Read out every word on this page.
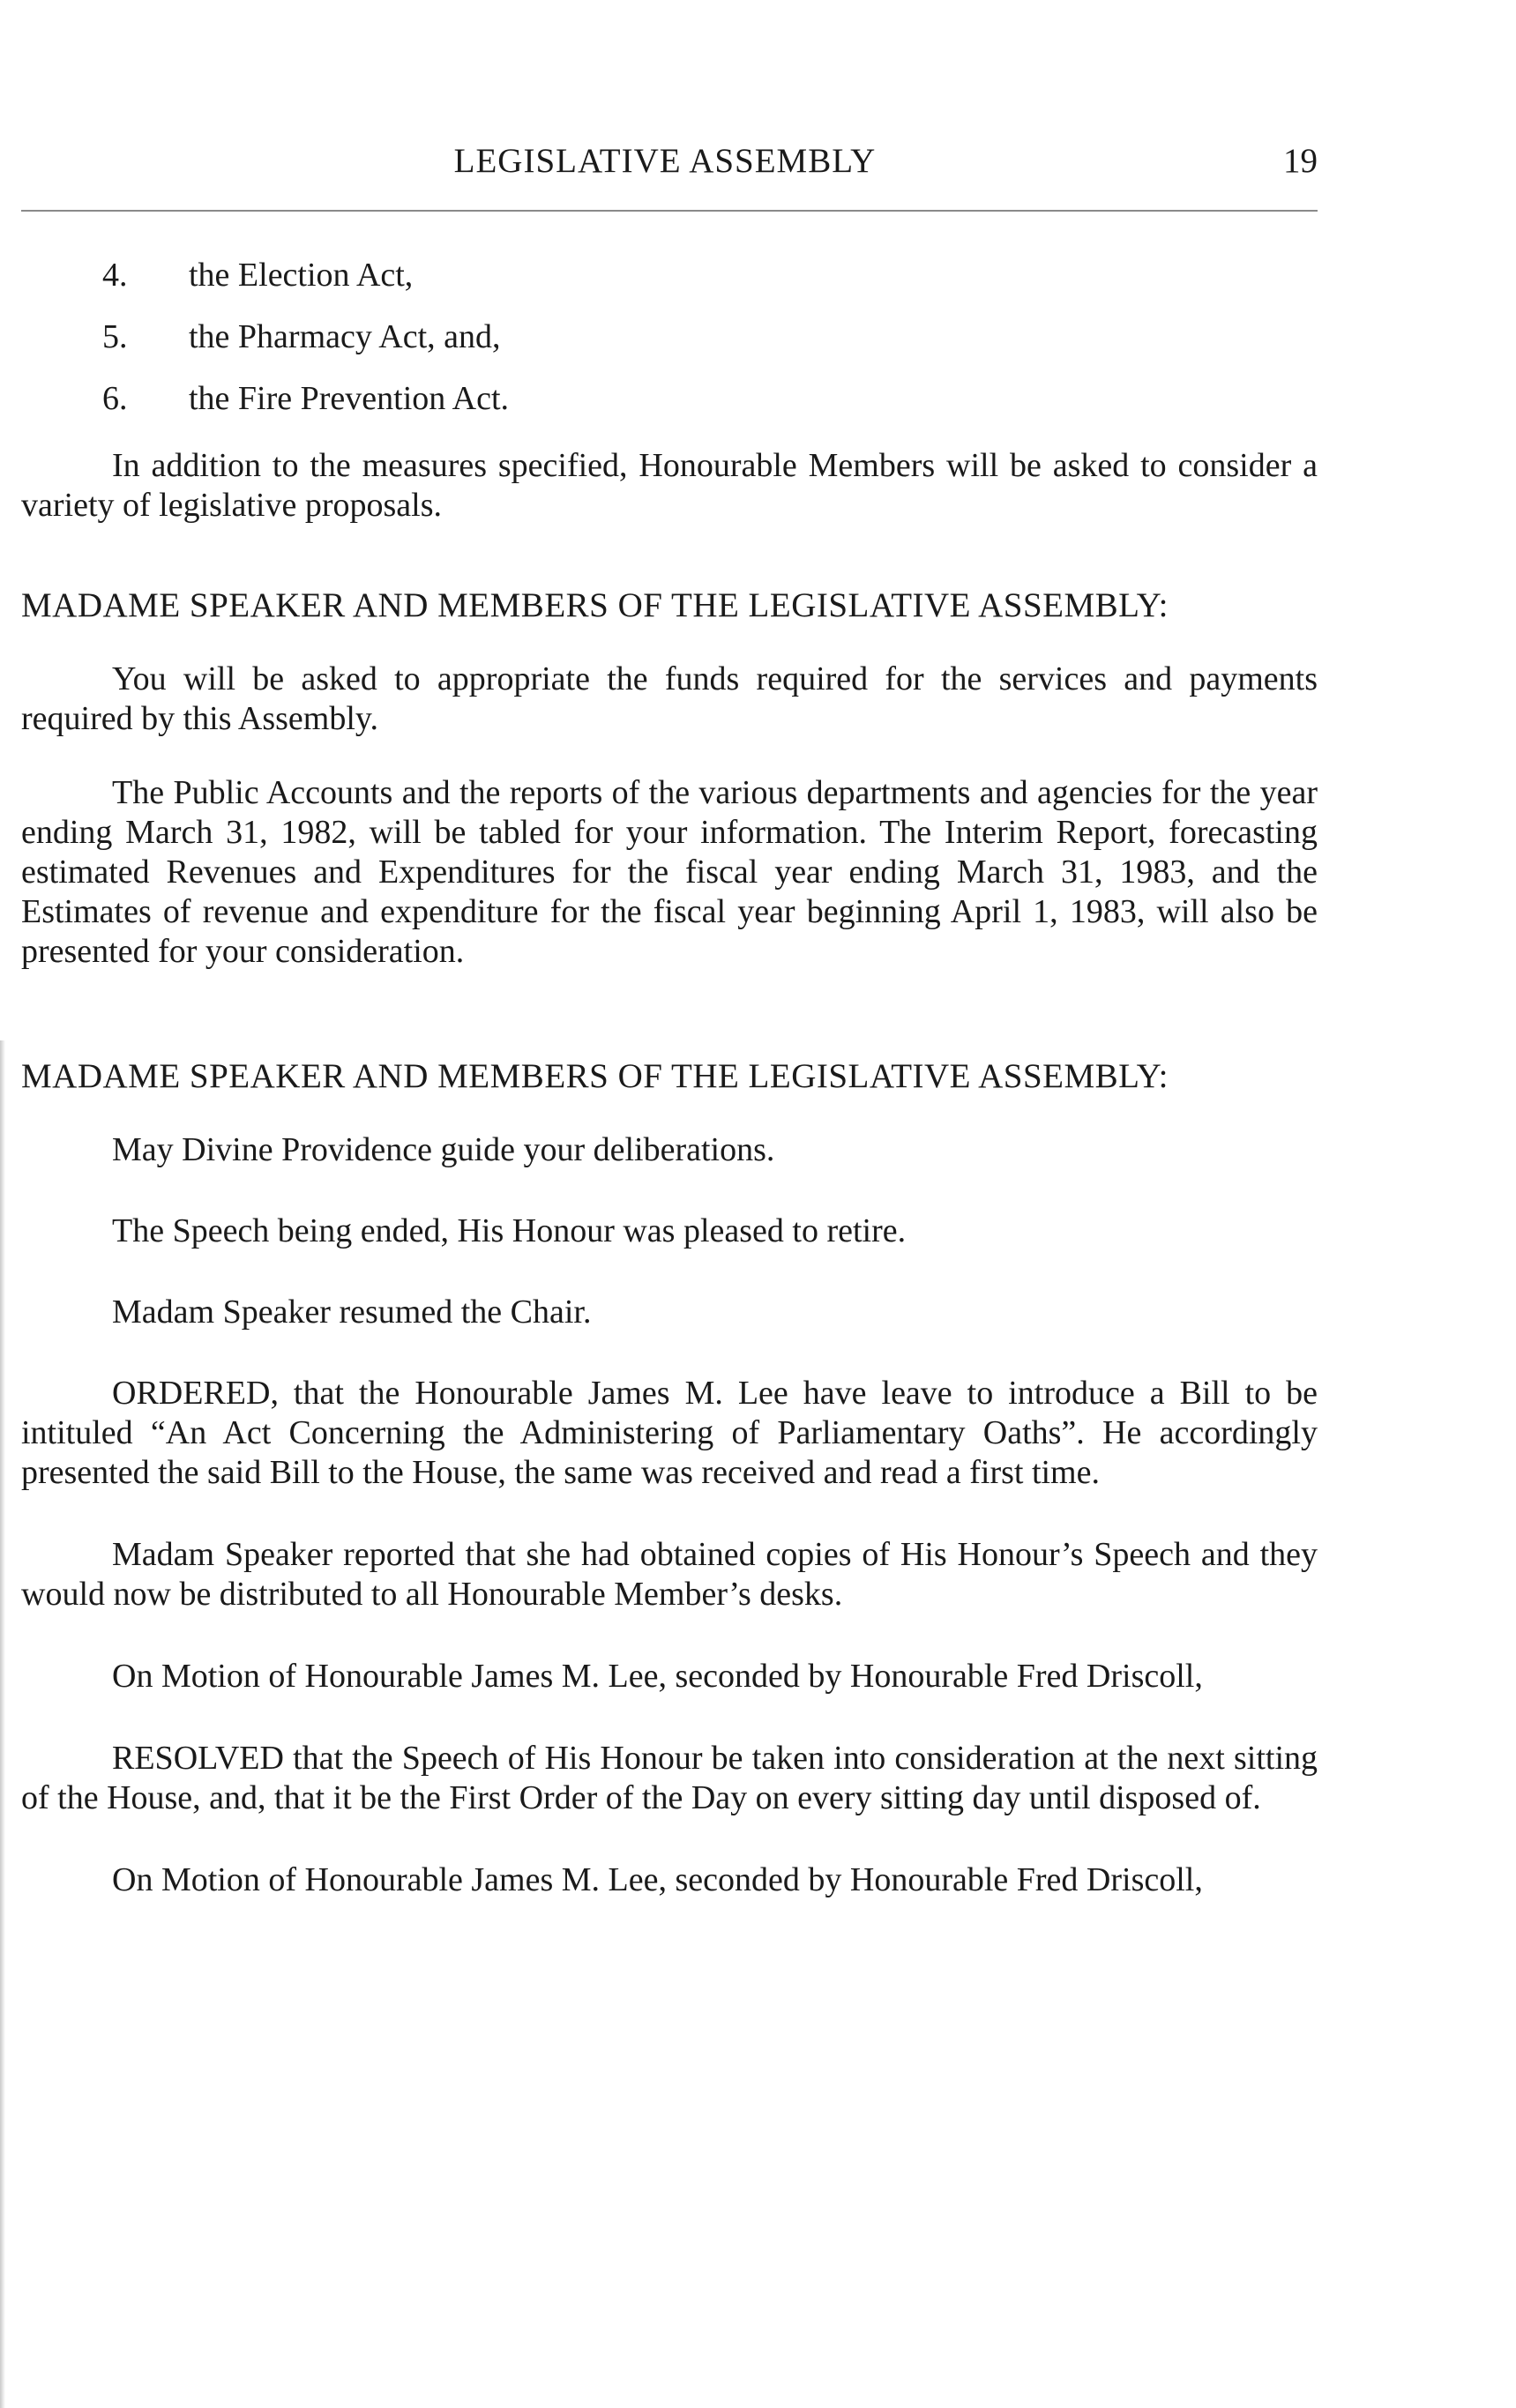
LEGISLATIVE ASSEMBLY	19
4.	the Election Act,
5.	the Pharmacy Act, and,
6.	the Fire Prevention Act.

In addition to the measures specified, Honourable Members will be asked to consider a variety of legislative proposals.

MADAME SPEAKER AND MEMBERS OF THE LEGISLATIVE ASSEMBLY:

You will be asked to appropriate the funds required for the services and payments required by this Assembly.

The Public Accounts and the reports of the various departments and agencies for the year ending March 31, 1982, will be tabled for your information. The Interim Report, forecasting estimated Revenues and Expenditures for the fiscal year ending March 31, 1983, and the Estimates of revenue and expenditure for the fiscal year beginning April 1, 1983, will also be presented for your consideration.

MADAME SPEAKER AND MEMBERS OF THE LEGISLATIVE ASSEMBLY:

May Divine Providence guide your deliberations.

The Speech being ended, His Honour was pleased to retire.

Madam Speaker resumed the Chair.

ORDERED, that the Honourable James M. Lee have leave to introduce a Bill to be intituled “An Act Concerning the Administering of Parliamentary Oaths”. He accordingly presented the said Bill to the House, the same was received and read a first time.

Madam Speaker reported that she had obtained copies of His Honour’s Speech and they would now be distributed to all Honourable Member’s desks.

On Motion of Honourable James M. Lee, seconded by Honourable Fred Driscoll,

RESOLVED that the Speech of His Honour be taken into consideration at the next sitting of the House, and, that it be the First Order of the Day on every sitting day until disposed of.

On Motion of Honourable James M. Lee, seconded by Honourable Fred Driscoll,
